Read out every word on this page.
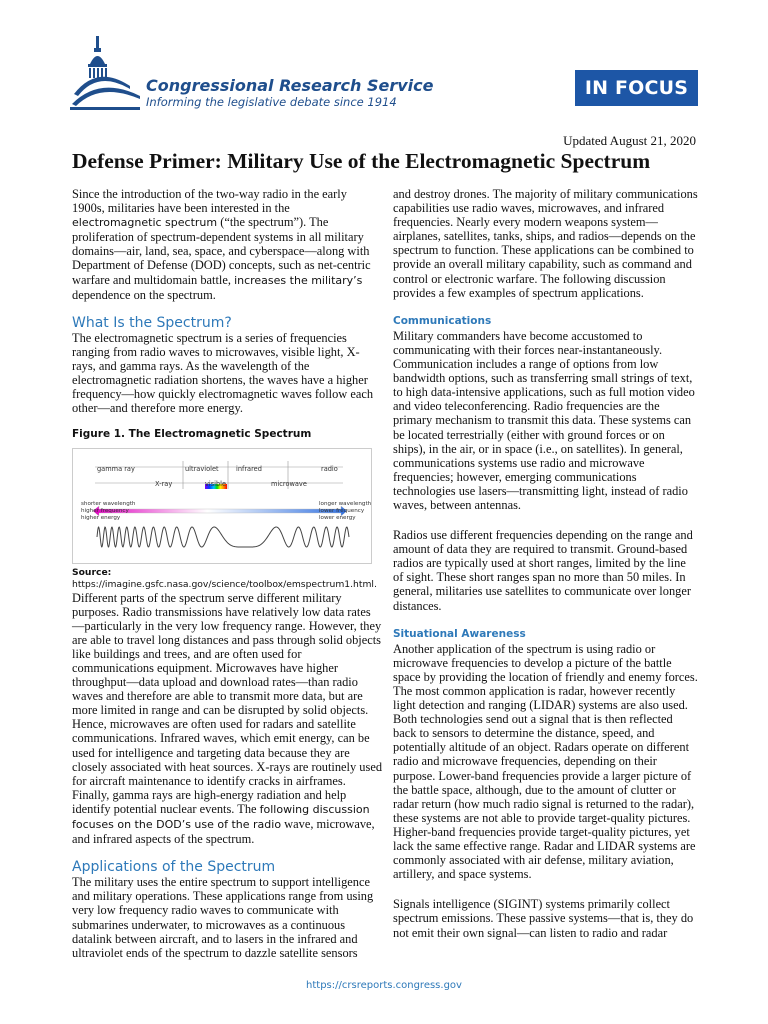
Congressional Research Service
Informing the legislative debate since 1914
IN FOCUS
Updated August 21, 2020
Defense Primer: Military Use of the Electromagnetic Spectrum

Since the introduction of the two-way radio in the early 1900s, militaries have been interested in the electromagnetic spectrum (“the spectrum”). The proliferation of spectrum-dependent systems in all military domains—air, land, sea, space, and cyberspace—along with Department of Defense (DOD) concepts, such as net-centric warfare and multidomain battle, increases the military’s dependence on the spectrum.

What Is the Spectrum?

The electromagnetic spectrum is a series of frequencies ranging from radio waves to microwaves, visible light, X-rays, and gamma rays. As the wavelength of the electromagnetic radiation shortens, the waves have a higher frequency—how quickly electromagnetic waves follow each other—and therefore more energy.

Figure 1. The Electromagnetic Spectrum
gamma ray	ultraviolet	infrared	radio
X-ray	visible	microwave
shorter wavelength
higher frequency
higher energy
longer wavelength
lower frequency
lower energy
Source: https://imagine.gsfc.nasa.gov/science/toolbox/emspectrum1.html.

Different parts of the spectrum serve different military purposes. Radio transmissions have relatively low data rates—particularly in the very low frequency range. However, they are able to travel long distances and pass through solid objects like buildings and trees, and are often used for communications equipment. Microwaves have higher throughput—data upload and download rates—than radio waves and therefore are able to transmit more data, but are more limited in range and can be disrupted by solid objects. Hence, microwaves are often used for radars and satellite communications. Infrared waves, which emit energy, can be used for intelligence and targeting data because they are closely associated with heat sources. X-rays are routinely used for aircraft maintenance to identify cracks in airframes. Finally, gamma rays are high-energy radiation and help identify potential nuclear events. The following discussion focuses on the DOD’s use of the radio wave, microwave, and infrared aspects of the spectrum.

Applications of the Spectrum

The military uses the entire spectrum to support intelligence and military operations. These applications range from using very low frequency radio waves to communicate with submarines underwater, to microwaves as a continuous datalink between aircraft, and to lasers in the infrared and ultraviolet ends of the spectrum to dazzle satellite sensors

and destroy drones. The majority of military communications capabilities use radio waves, microwaves, and infrared frequencies. Nearly every modern weapons system—airplanes, satellites, tanks, ships, and radios—depends on the spectrum to function. These applications can be combined to provide an overall military capability, such as command and control or electronic warfare. The following discussion provides a few examples of spectrum applications.

Communications

Military commanders have become accustomed to communicating with their forces near-instantaneously. Communication includes a range of options from low bandwidth options, such as transferring small strings of text, to high data-intensive applications, such as full motion video and video teleconferencing. Radio frequencies are the primary mechanism to transmit this data. These systems can be located terrestrially (either with ground forces or on ships), in the air, or in space (i.e., on satellites). In general, communications systems use radio and microwave frequencies; however, emerging communications technologies use lasers—transmitting light, instead of radio waves, between antennas.

Radios use different frequencies depending on the range and amount of data they are required to transmit. Ground-based radios are typically used at short ranges, limited by the line of sight. These short ranges span no more than 50 miles. In general, militaries use satellites to communicate over longer distances.

Situational Awareness

Another application of the spectrum is using radio or microwave frequencies to develop a picture of the battle space by providing the location of friendly and enemy forces. The most common application is radar, however recently light detection and ranging (LIDAR) systems are also used. Both technologies send out a signal that is then reflected back to sensors to determine the distance, speed, and potentially altitude of an object. Radars operate on different radio and microwave frequencies, depending on their purpose. Lower-band frequencies provide a larger picture of the battle space, although, due to the amount of clutter or radar return (how much radio signal is returned to the radar), these systems are not able to provide target-quality pictures. Higher-band frequencies provide target-quality pictures, yet lack the same effective range. Radar and LIDAR systems are commonly associated with air defense, military aviation, artillery, and space systems.

Signals intelligence (SIGINT) systems primarily collect spectrum emissions. These passive systems—that is, they do not emit their own signal—can listen to radio and radar

https://crsreports.congress.gov
